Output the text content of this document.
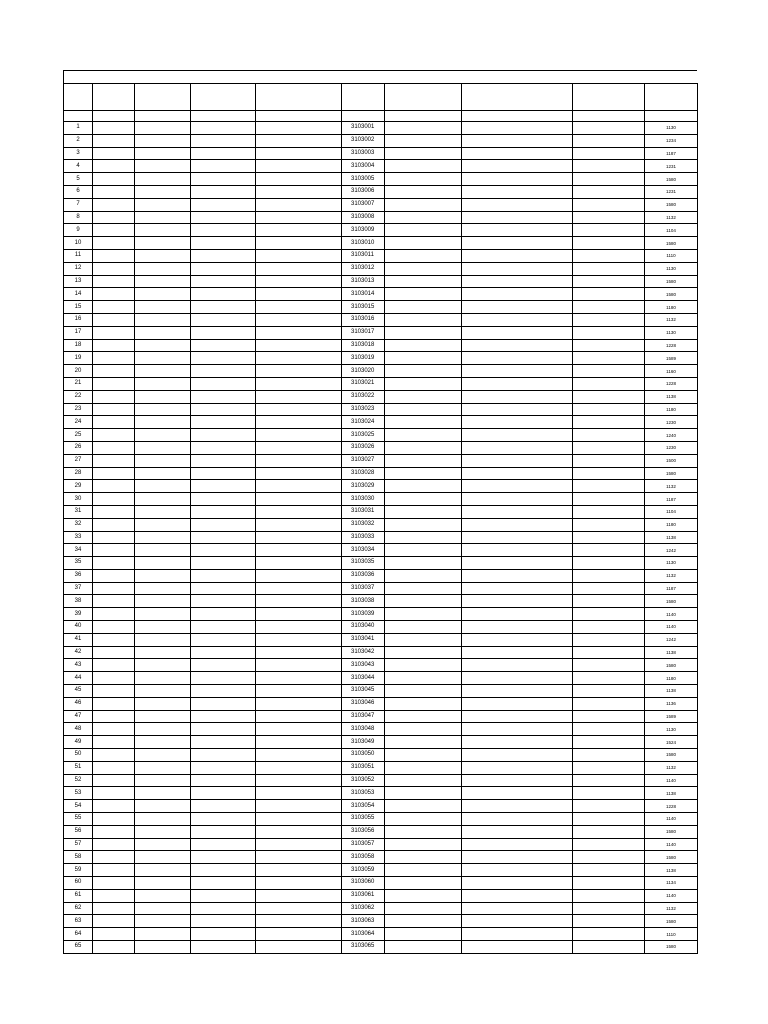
1					3103001				1130
2					3103002				1234
3					3103003				1187
4					3103004				1231
5					3103005				1580
6					3103006				1231
7					3103007				1580
8					3103008				1132
9					3103009				1104
10					3103010				1580
11					3103011				1110
12					3103012				1130
13					3103013				1580
14					3103014				1580
15					3103015				1180
16					3103016				1132
17					3103017				1130
18					3103018				1228
19					3103019				1589
20					3103020				1160
21					3103021				1228
22					3103022				1138
23					3103023				1180
24					3103024				1230
25					3103025				1240
26					3103026				1230
27					3103027				1500
28					3103028				1580
29					3103029				1132
30					3103030				1187
31					3103031				1104
32					3103032				1180
33					3103033				1138
34					3103034				1242
35					3103035				1130
36					3103036				1132
37					3103037				1187
38					3103038				1580
39					3103039				1140
40					3103040				1140
41					3103041				1242
42					3103042				1138
43					3103043				1580
44					3103044				1180
45					3103045				1138
46					3103046				1136
47					3103047				1589
48					3103048				1130
49					3103049				1524
50					3103050				1580
51					3103051				1132
52					3103052				1140
53					3103053				1138
54					3103054				1228
55					3103055				1140
56					3103056				1580
57					3103057				1140
58					3103058				1580
59					3103059				1138
60					3103060				1134
61					3103061				1140
62					3103062				1132
63					3103063				1580
64					3103064				1110
65					3103065				1580
